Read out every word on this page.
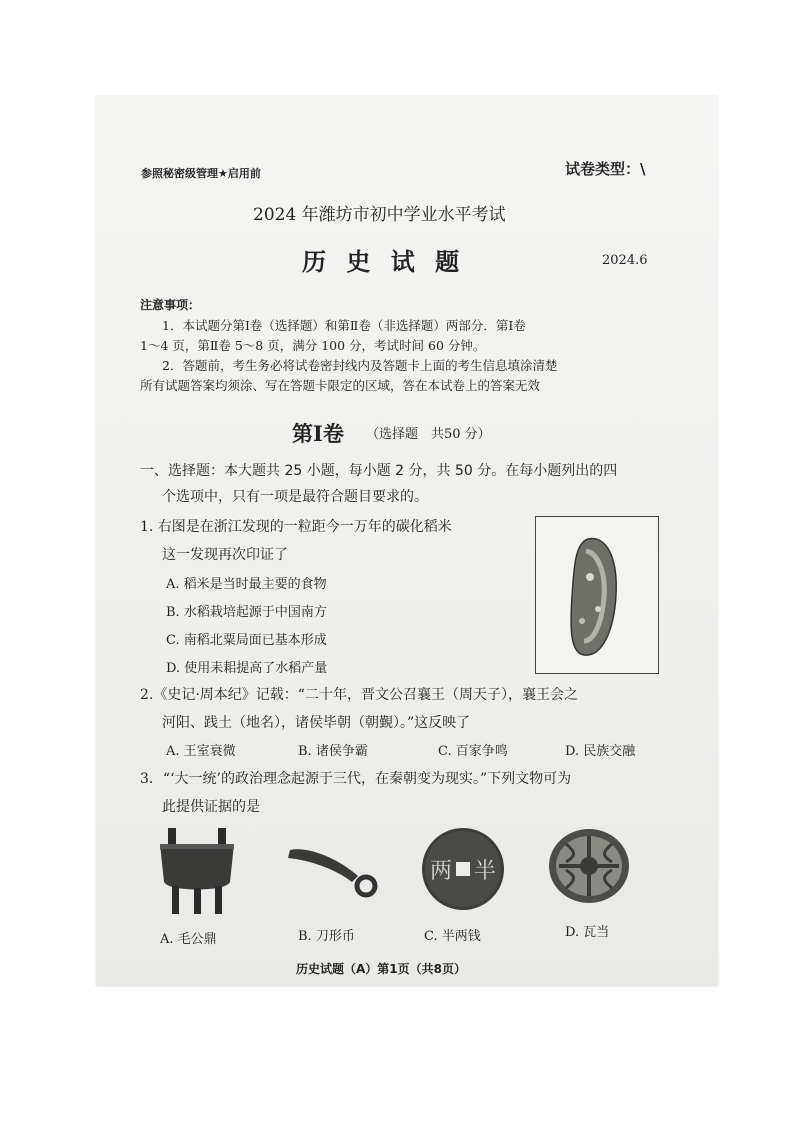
参照秘密级管理★启用前	试卷类型：\
2024 年潍坊市初中学业水平考试
历 史 试 题	2024.6
注意事项：
1．本试题分第Ⅰ卷（选择题）和第Ⅱ卷（非选择题）两部分．第Ⅰ卷
1～4 页，第Ⅱ卷 5～8 页，满分 100 分，考试时间 60 分钟。
2．答题前，考生务必将试卷密封线内及答题卡上面的考生信息填涂清楚
所有试题答案均须涂、写在答题卡限定的区域，答在本试卷上的答案无效
第Ⅰ卷 （选择题　共50 分）
一、选择题：本大题共 25 小题，每小题 2 分，共 50 分。在每小题列出的四
个选项中，只有一项是最符合题目要求的。
1. 右图是在浙江发现的一粒距今一万年的碳化稻米
这一发现再次印证了
A. 稻米是当时最主要的食物
B. 水稻栽培起源于中国南方
C. 南稻北粟局面已基本形成
D. 使用耒耜提高了水稻产量
2.《史记·周本纪》记载：“二十年，晋文公召襄王（周天子），襄王会之
河阳、践土（地名），诸侯毕朝（朝覲）。”这反映了
A. 王室衰微	B. 诸侯争霸	C. 百家争鸣	D. 民族交融
3．“‘大一统’的政治理念起源于三代，在秦朝变为现实。”下列文物可为
此提供证据的是
两 半
A. 毛公鼎	B. 刀形币	C. 半两钱	D. 瓦当
历史试题（A）第1页（共8页）
